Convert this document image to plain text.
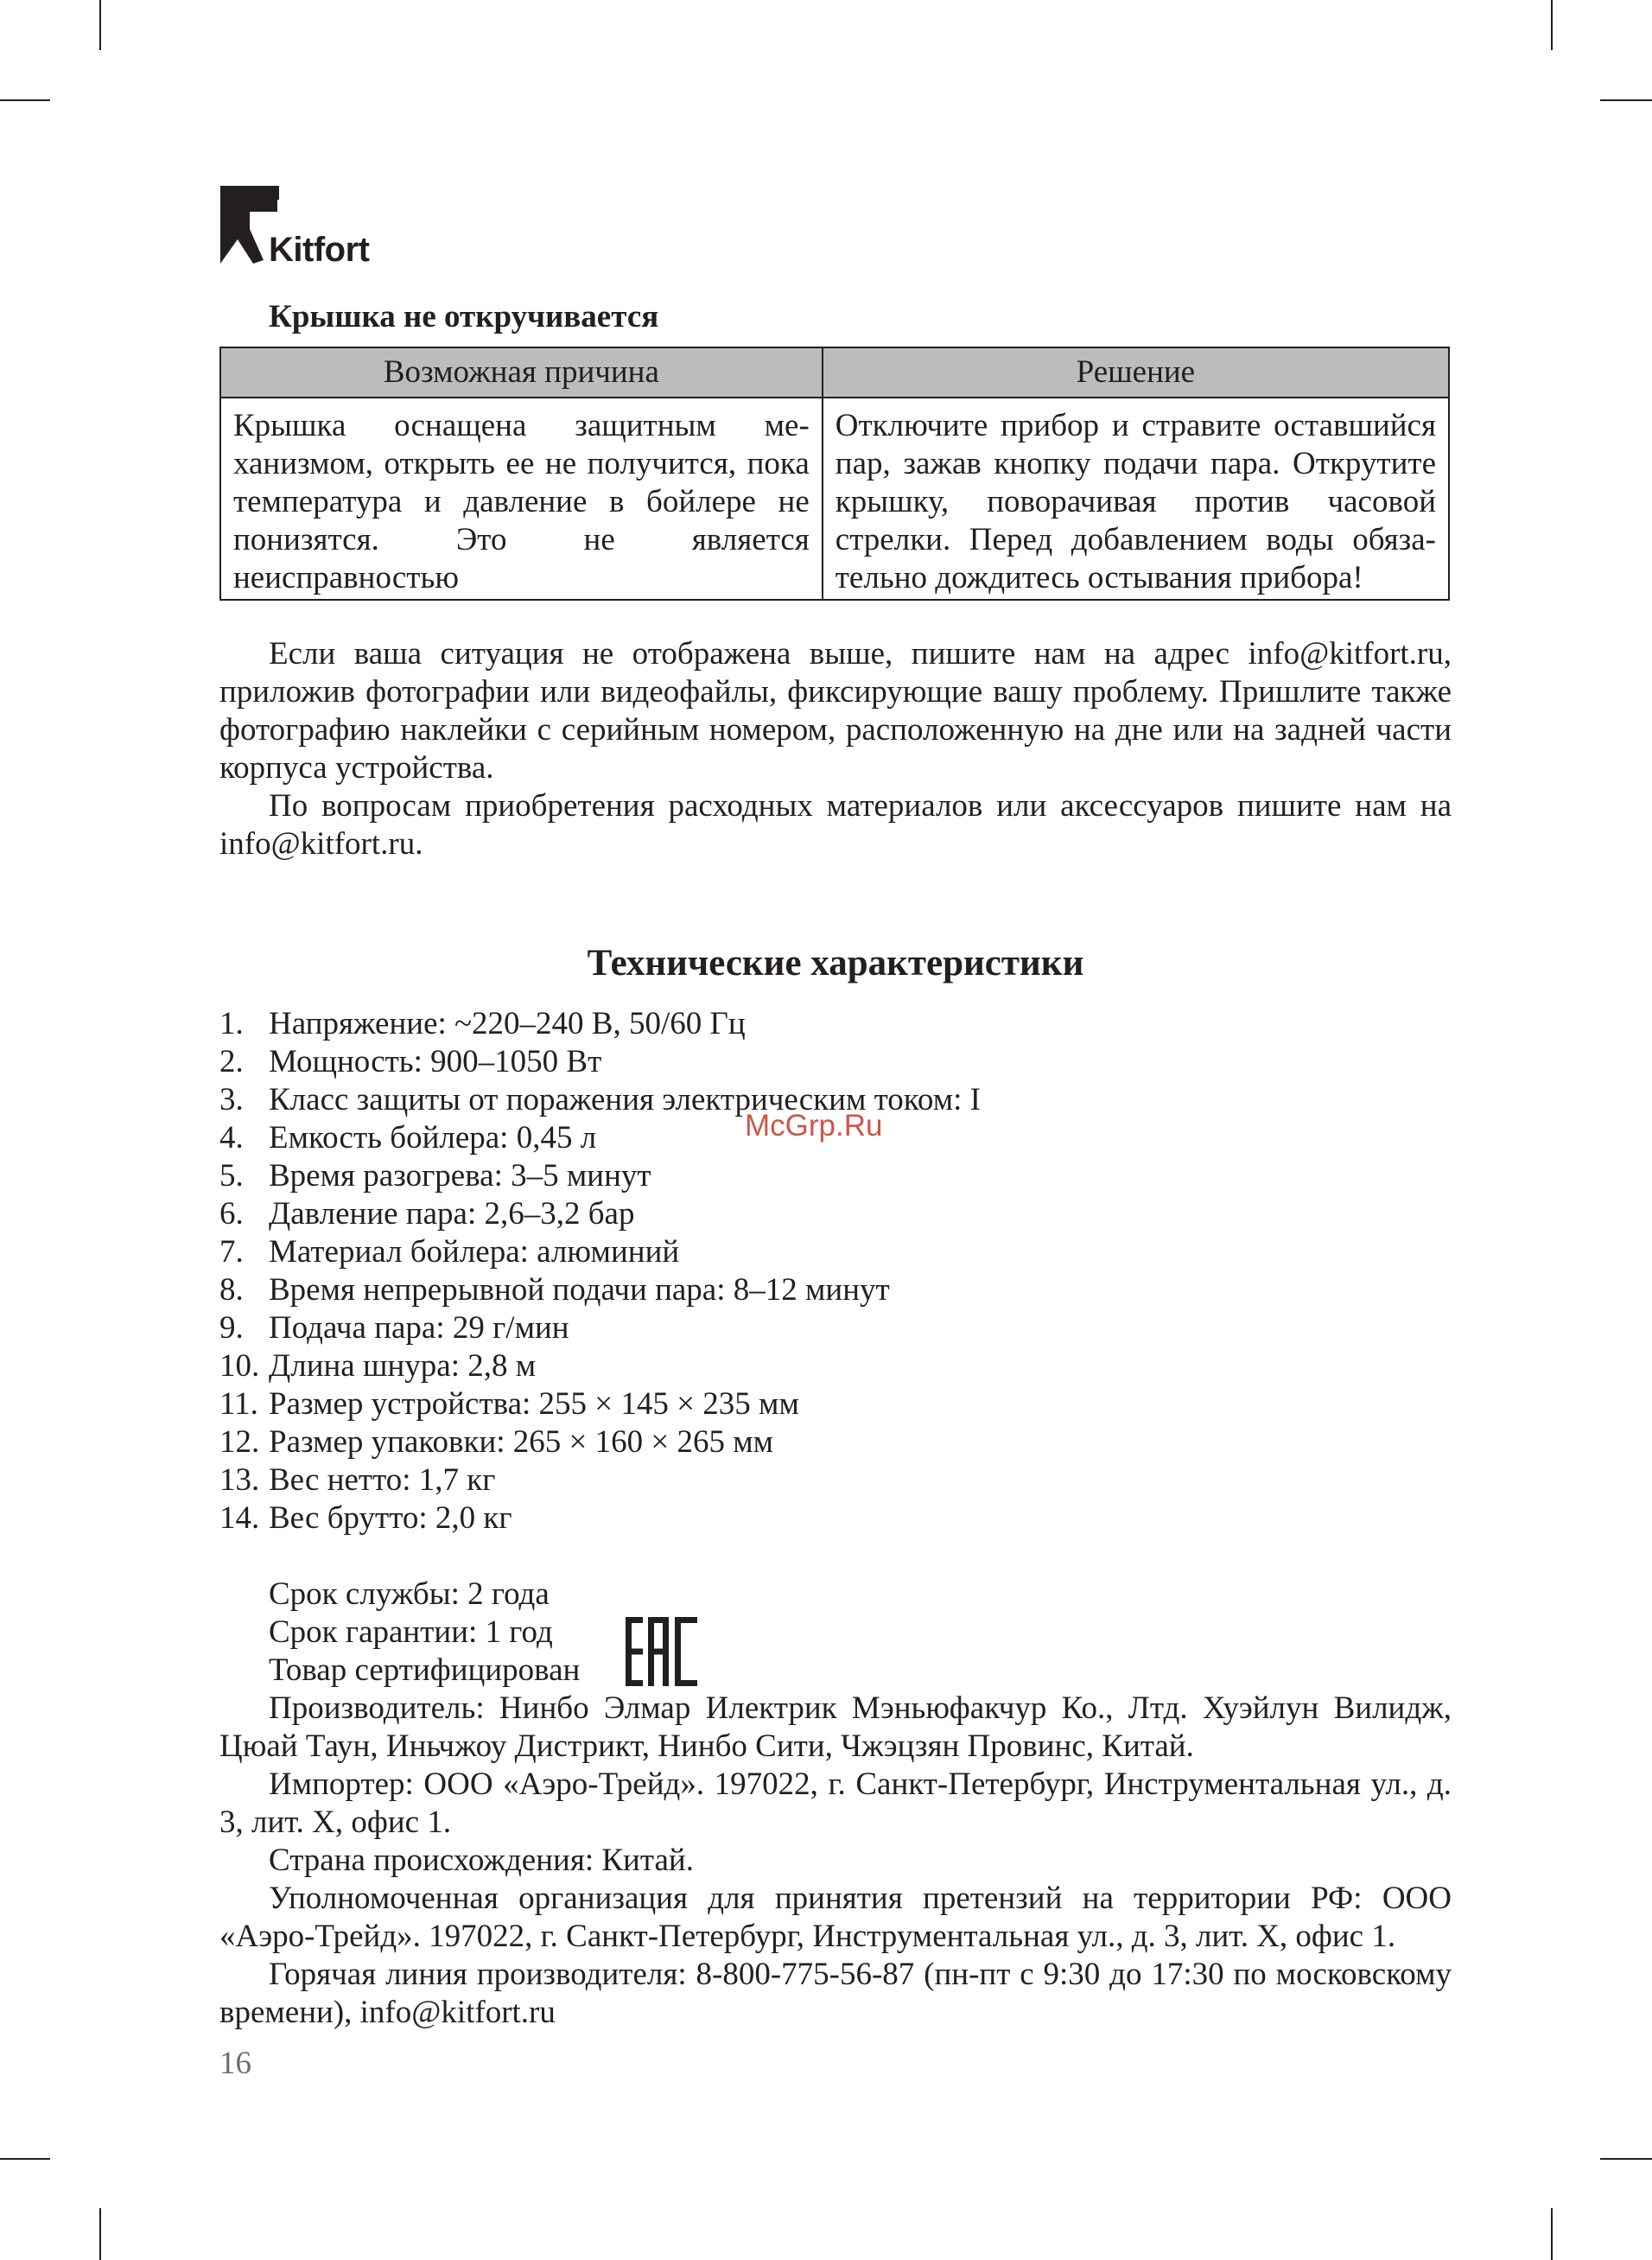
Kitfort
Крышка не откручивается
Возможная причина	Решение
Крышка оснащена защитным механизмом, открыть ее не получится, пока температура и давление в бойлере не понизятся. Это не является неисправностью	Отключите прибор и стравите оставшийся пар, зажав кнопку подачи пара. Открутите крышку, поворачивая против часовой стрелки. Перед добавлением воды обязательно дождитесь остывания прибора!

Если ваша ситуация не отображена выше, пишите нам на адрес info@kitfort.ru, приложив фотографии или видеофайлы, фиксирующие вашу проблему. Пришлите также фотографию наклейки с серийным номером, расположенную на дне или на задней части корпуса устройства.

По вопросам приобретения расходных материалов или аксессуаров пишите нам на info@kitfort.ru.

Технические характеристики
1. Напряжение: ~220–240 В, 50/60 Гц
2. Мощность: 900–1050 Вт
3. Класс защиты от поражения электрическим током: I
4. Емкость бойлера: 0,45 л
5. Время разогрева: 3–5 минут
6. Давление пара: 2,6–3,2 бар
7. Материал бойлера: алюминий
8. Время непрерывной подачи пара: 8–12 минут
9. Подача пара: 29 г/мин
10. Длина шнура: 2,8 м
11. Размер устройства: 255 × 145 × 235 мм
12. Размер упаковки: 265 × 160 × 265 мм
13. Вес нетто: 1,7 кг
14. Вес брутто: 2,0 кг

Срок службы: 2 года

Срок гарантии: 1 год

Товар сертифицирован

Производитель: Нинбо Элмар Илектрик Мэньюфакчур Ко., Лтд. Хуэйлун Вилидж, Цюай Таун, Иньчжоу Дистрикт, Нинбо Сити, Чжэцзян Провинс, Китай.

Импортер: ООО «Аэро-Трейд». 197022, г. Санкт-Петербург, Инструментальная ул., д. 3, лит. Х, офис 1.

Страна происхождения: Китай.

Уполномоченная организация для принятия претензий на территории РФ: ООО «Аэро-Трейд». 197022, г. Санкт-Петербург, Инструментальная ул., д. 3, лит. Х, офис 1.

Горячая линия производителя: 8-800-775-56-87 (пн-пт с 9:30 до 17:30 по московскому времени), info@kitfort.ru

McGrp.Ru
16
